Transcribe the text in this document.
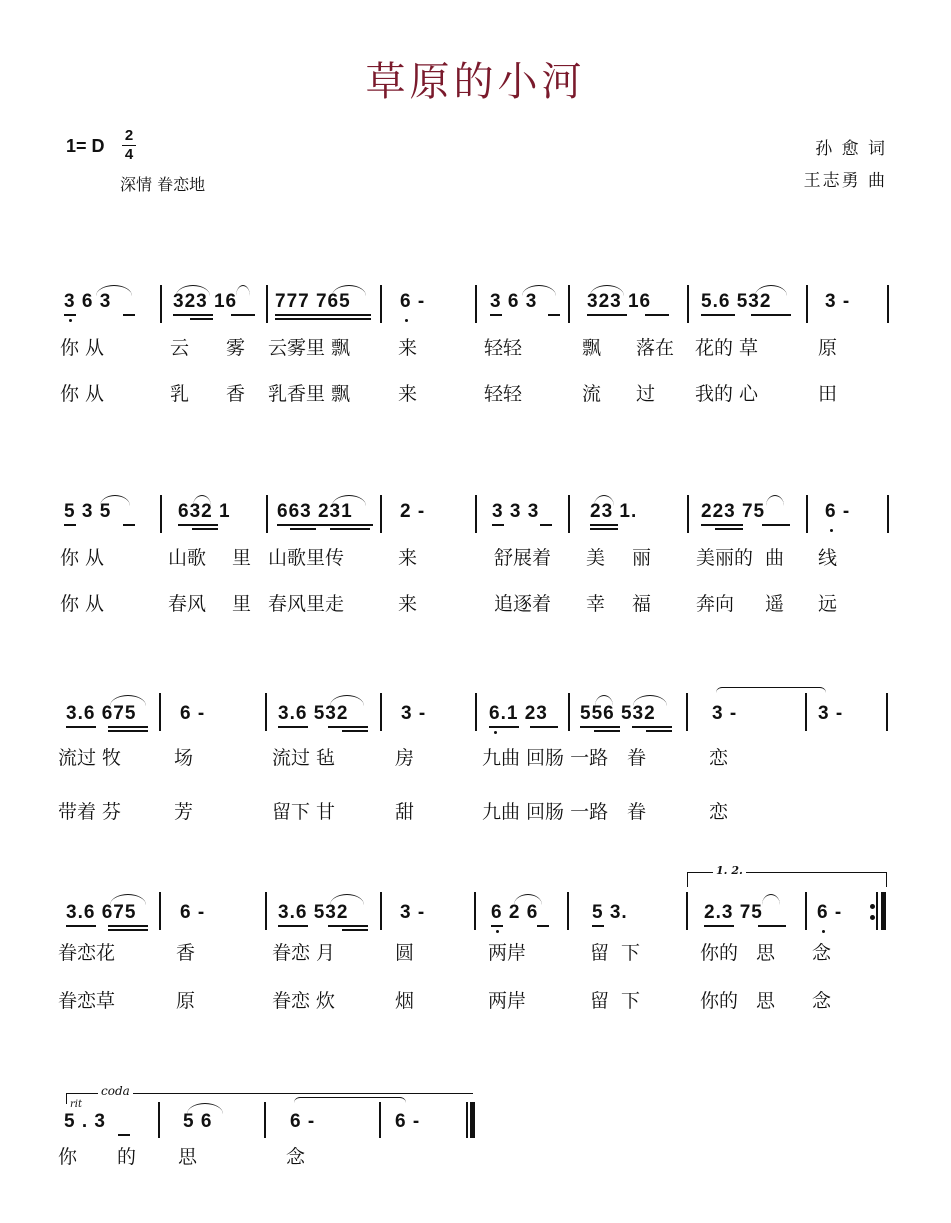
草原的小河
1= D
2
4
深情 眷恋地
孙 愈 词
王志勇 曲
3 6 3	323 16 777 765	6 -	3 6 3	323 16	5.6 532	3 -
你 从	云 雾 云雾里 飘	来	轻轻	飘 落在 花的 草	原
你 从	乳 香 乳香里 飘	来	轻轻	流 过 我的 心	田
5 3 5	632 1 663 231 2 -	3 3 3	23 1.	223 75	6 -
你 从	山歌 里 山歌里传	来	舒展着 美 丽 美丽的 曲 线
你 从	春风 里 春风里走	来	追逐着 幸 福 奔向 遥 远
3.6 675 6 -	3.6 532	3 -	6.1 23 556 532	3 -	3 -
流过 牧	场	流过 毡	房	九曲 回肠 一路 眷	恋
带着 芬	芳	留下 甘	甜	九曲 回肠 一路 眷	恋
1. 2.
3.6 675 6 -	3.6 532	3 -	6 2 6	5 3.	2.3 75	6 -
眷恋花	香	眷恋 月	圆	两岸	留 下	你的 思 念
眷恋草	原	眷恋 炊	烟	两岸	留 下	你的 思 念
coda
rit
5 . 3	5 6	6 -	6 -
你 的 思	念
